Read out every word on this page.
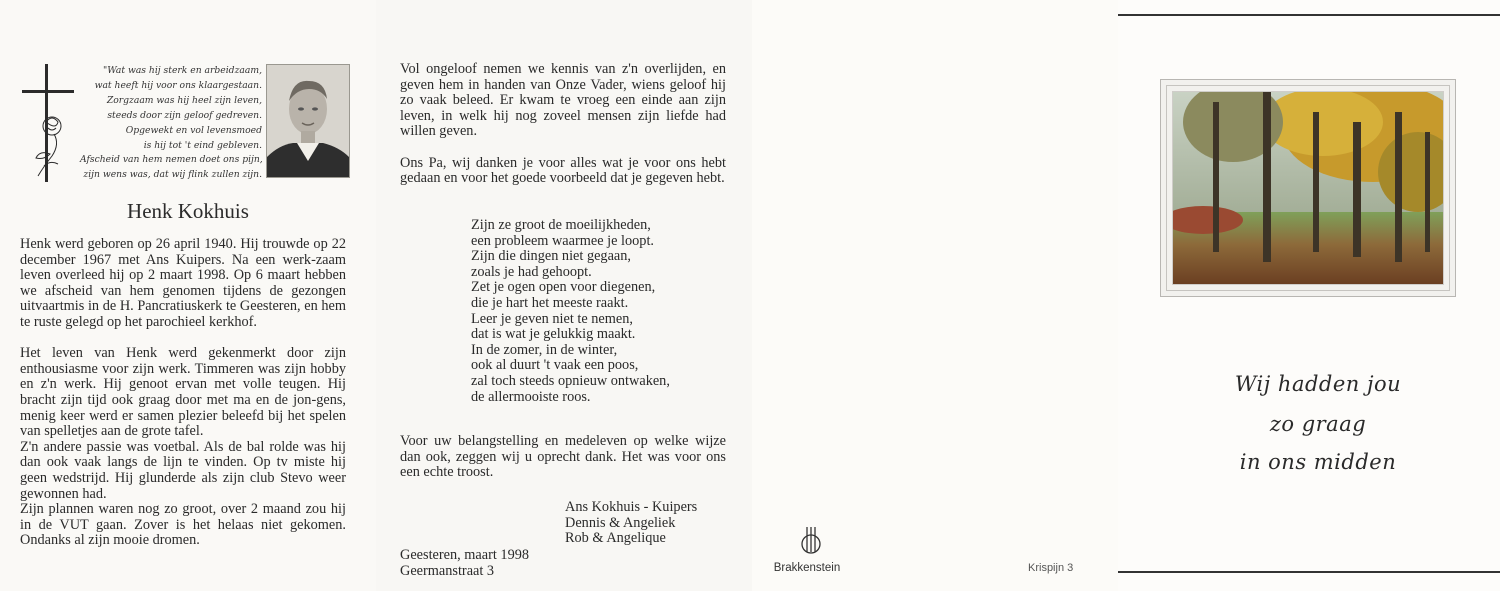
"Wat was hij sterk en arbeidzaam,
wat heeft hij voor ons klaargestaan.
Zorgzaam was hij heel zijn leven,
steeds door zijn geloof gedreven.
Opgewekt en vol levensmoed
is hij tot 't eind gebleven.
Afscheid van hem nemen doet ons pijn,
zijn wens was, dat wij flink zullen zijn.

Henk Kokhuis

Henk werd geboren op 26 april 1940. Hij trouwde op 22 december 1967 met Ans Kuipers. Na een werk-zaam leven overleed hij op 2 maart 1998. Op 6 maart hebben we afscheid van hem genomen tijdens de gezongen uitvaartmis in de H. Pancratiuskerk te Geesteren, en hem te ruste gelegd op het parochieel kerkhof.

Het leven van Henk werd gekenmerkt door zijn enthousiasme voor zijn werk. Timmeren was zijn hobby en z'n werk. Hij genoot ervan met volle teugen. Hij bracht zijn tijd ook graag door met ma en de jon-gens, menig keer werd er samen plezier beleefd bij het spelen van spelletjes aan de grote tafel.

Z'n andere passie was voetbal. Als de bal rolde was hij dan ook vaak langs de lijn te vinden. Op tv miste hij geen wedstrijd. Hij glunderde als zijn club Stevo weer gewonnen had.

Zijn plannen waren nog zo groot, over 2 maand zou hij in de VUT gaan. Zover is het helaas niet gekomen. Ondanks al zijn mooie dromen.

Vol ongeloof nemen we kennis van z'n overlijden, en geven hem in handen van Onze Vader, wiens geloof hij zo vaak beleed. Er kwam te vroeg een einde aan zijn leven, in welk hij nog zoveel mensen zijn liefde had willen geven.

Ons Pa, wij danken je voor alles wat je voor ons hebt gedaan en voor het goede voorbeeld dat je gegeven hebt.

Zijn ze groot de moeilijkheden,
een probleem waarmee je loopt.
Zijn die dingen niet gegaan,
zoals je had gehoopt.
Zet je ogen open voor diegenen,
die je hart het meeste raakt.
Leer je geven niet te nemen,
dat is wat je gelukkig maakt.
In de zomer, in de winter,
ook al duurt 't vaak een poos,
zal toch steeds opnieuw ontwaken,
de allermooiste roos.
Voor uw belangstelling en medeleven op welke wijze dan ook, zeggen wij u oprecht dank. Het was voor ons een echte troost.
Ans Kokhuis - Kuipers
Dennis & Angeliek
Rob & Angelique
Geesteren, maart 1998
Geermanstraat 3	Brakkenstein	Krispijn 3
Wij hadden jou
zo graag
in ons midden
